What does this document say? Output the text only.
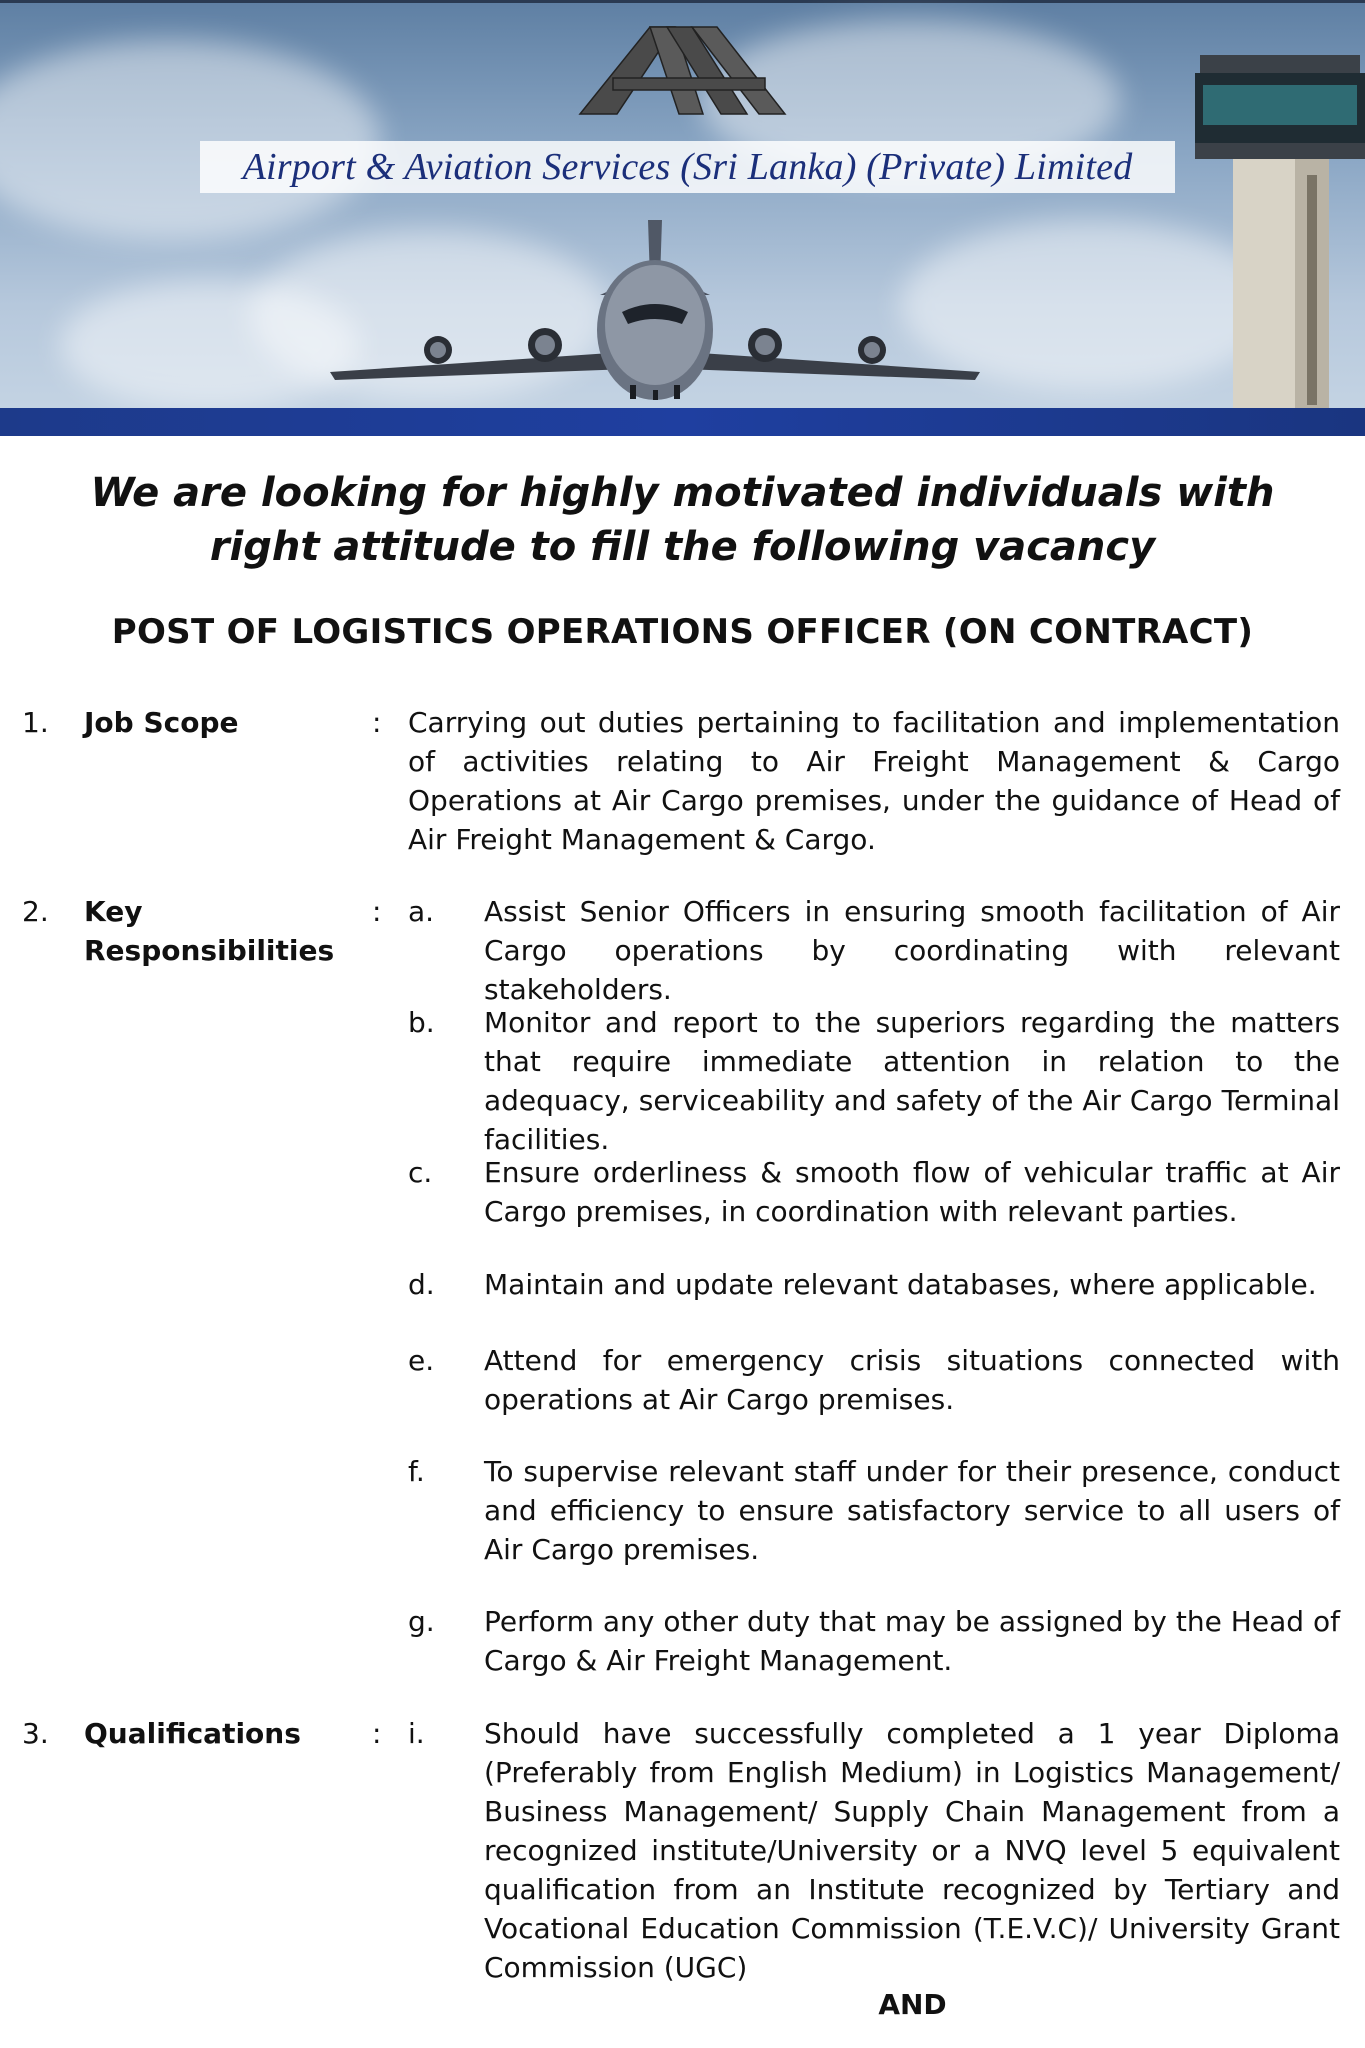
Airport & Aviation Services (Sri Lanka) (Private) Limited
We are looking for highly motivated individuals with
right attitude to fill the following vacancy
POST OF LOGISTICS OPERATIONS OFFICER (ON CONTRACT)
1. Job Scope	: Carrying out duties pertaining to facilitation and implementation of activities relating to Air Freight Management & Cargo Operations at Air Cargo premises, under the guidance of Head of Air Freight Management & Cargo.
2. Key
Responsibilities
: a. Assist Senior Officers in ensuring smooth facilitation of Air Cargo operations by coordinating with relevant stakeholders.
b. Monitor and report to the superiors regarding the matters that require immediate attention in relation to the adequacy, serviceability and safety of the Air Cargo Terminal facilities.
c. Ensure orderliness & smooth flow of vehicular traffic at Air Cargo premises, in coordination with relevant parties.
d. Maintain and update relevant databases, where applicable.
e. Attend for emergency crisis situations connected with operations at Air Cargo premises.
f. To supervise relevant staff under for their presence, conduct and efficiency to ensure satisfactory service to all users of Air Cargo premises.
g. Perform any other duty that may be assigned by the Head of Cargo & Air Freight Management.
3. Qualifications	: i. Should have successfully completed a 1 year Diploma (Preferably from English Medium) in Logistics Management/ Business Management/ Supply Chain Management from a recognized institute/University or a NVQ level 5 equivalent qualification from an Institute recognized by Tertiary and Vocational Education Commission (T.E.V.C)/ University Grant Commission (UGC)
AND
